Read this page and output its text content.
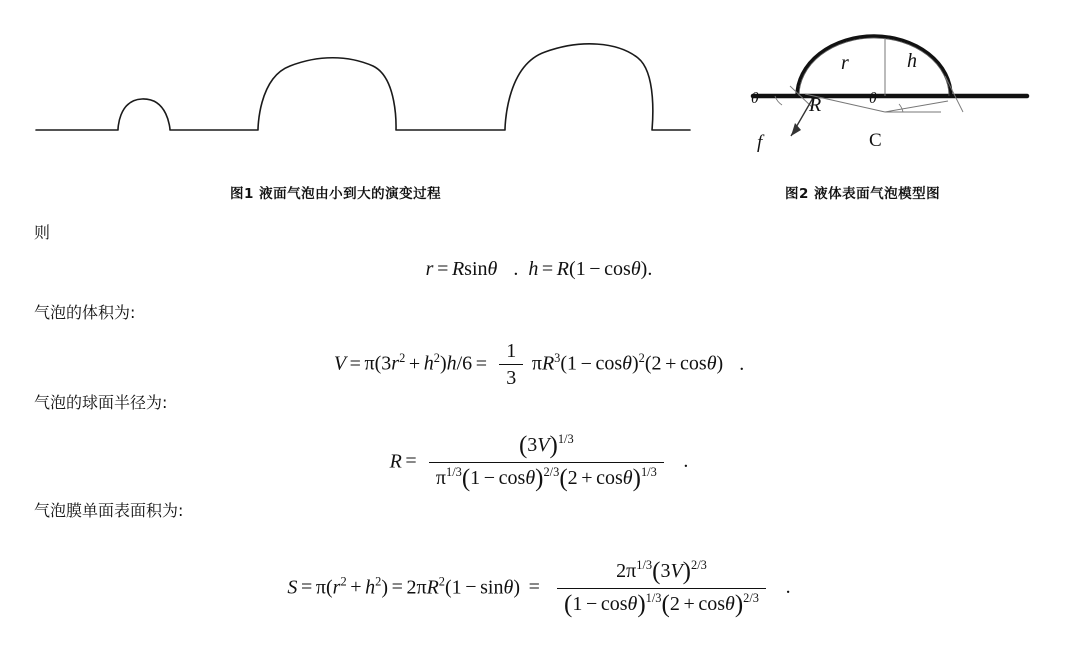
图1 液面气泡由小到大的演变过程
r	h
R
θ	θ
f	C
图2 液体表面气泡模型图
则
r = Rsinθ .  h = R(1 − cosθ).
气泡的体积为:
$V = \pi(3r^2 + h^2)h/6 = \frac{1}{3} \pi R^3(1 - \cos\theta)^2(2 + \cos\theta)$ .
气泡的球面半径为:
$R = \frac{(3V)^{1/3}}{\pi^{1/3}(1 - \cos\theta)^{2/3}(2 + \cos\theta)^{1/3}}$ .
气泡膜单面表面积为:
$S = \pi(r^2 + h^2) = 2\pi R^2(1 - \sin\theta) = \frac{2\pi^{1/3}(3V)^{2/3}}{(1 - \cos\theta)^{1/3}(2 + \cos\theta)^{2/3}}$ .
